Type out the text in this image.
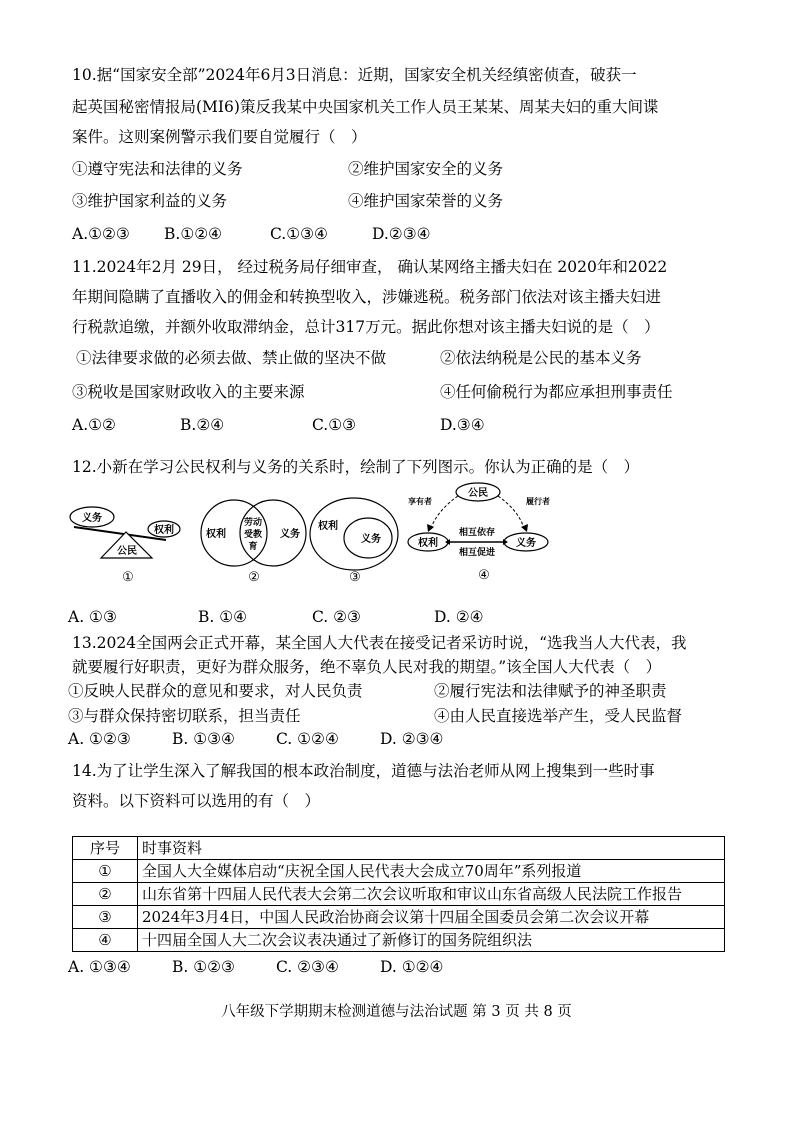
10.据“国家安全部”2024年6月3日消息：近期，国家安全机关经缜密侦查，破获一
起英国秘密情报局(MI6)策反我某中央国家机关工作人员王某某、周某夫妇的重大间谍
案件。这则案例警示我们要自觉履行（　）
①遵守宪法和法律的义务	②维护国家安全的义务
③维护国家利益的义务	④维护国家荣誉的义务
A.①②③ B.①②④	C.①③④	D.②③④
11.2024年2月 29日， 经过税务局仔细审查， 确认某网络主播夫妇在 2020年和2022
年期间隐瞒了直播收入的佣金和转换型收入，涉嫌逃税。税务部门依法对该主播夫妇进
行税款追缴，并额外收取滞纳金，总计317万元。据此你想对该主播夫妇说的是（　）
①法律要求做的必须去做、禁止做的坚决不做	②依法纳税是公民的基本义务
③税收是国家财政收入的主要来源	④任何偷税行为都应承担刑事责任
A.①②	B.②④	C.①③	D.③④
12.小新在学习公民权利与义务的关系时，绘制了下列图示。你认为正确的是（　）
义务
权利
公民
①
权利
劳动
受教
育
义务
②
权利
义务
③
公民
享有者	履行者
权利	义务
相互依存
相互促进
④
A. ①③	B. ①④	C. ②③	D. ②④
13.2024全国两会正式开幕，某全国人大代表在接受记者采访时说，“选我当人大代表，我
就要履行好职责，更好为群众服务，绝不辜负人民对我的期望。”该全国人大代表（　）
①反映人民群众的意见和要求，对人民负责	②履行宪法和法律赋予的神圣职责
③与群众保持密切联系，担当责任	④由人民直接选举产生，受人民监督
A. ①②③	B. ①③④	C. ①②④	D. ②③④
14.为了让学生深入了解我国的根本政治制度，道德与法治老师从网上搜集到一些时事
资料。以下资料可以选用的有（　）
序号	时事资料
①	全国人大全媒体启动“庆祝全国人民代表大会成立70周年”系列报道
②	山东省第十四届人民代表大会第二次会议听取和审议山东省高级人民法院工作报告
③	2024年3月4日，中国人民政治协商会议第十四届全国委员会第二次会议开幕
④	十四届全国人大二次会议表决通过了新修订的国务院组织法
A. ①③④	B. ①②③	C. ②③④	D. ①②④
八年级下学期期末检测道德与法治试题 第 3 页 共 8 页
